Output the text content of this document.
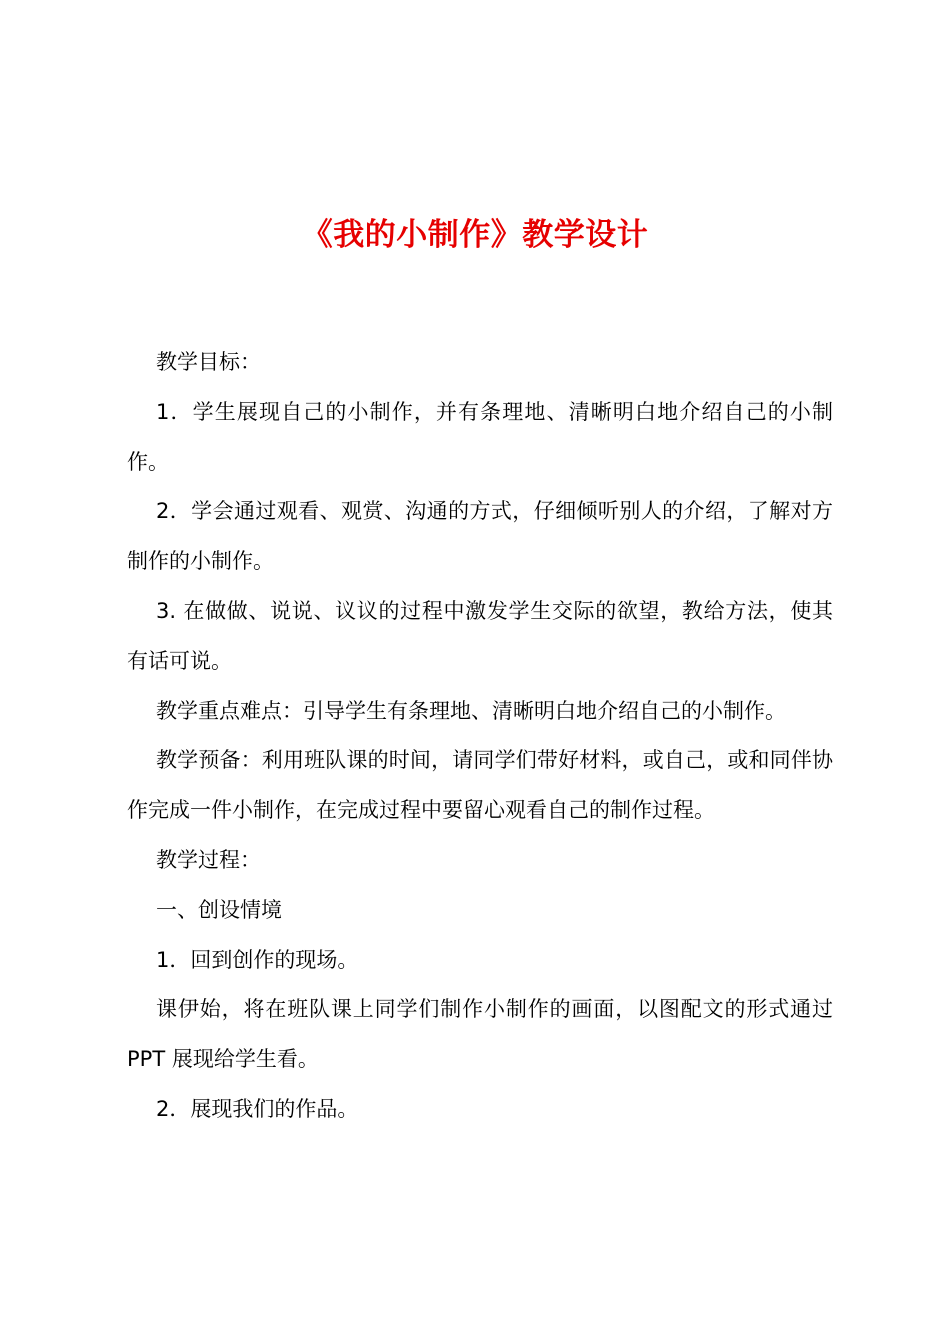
《我的小制作》教学设计

教学目标：

1．学生展现自己的小制作，并有条理地、清晰明白地介绍自己的小制作。

2．学会通过观看、观赏、沟通的方式，仔细倾听别人的介绍，了解对方制作的小制作。

3. 在做做、说说、议议的过程中激发学生交际的欲望，教给方法，使其有话可说。

教学重点难点：引导学生有条理地、清晰明白地介绍自己的小制作。

教学预备：利用班队课的时间，请同学们带好材料，或自己，或和同伴协作完成一件小制作，在完成过程中要留心观看自己的制作过程。

教学过程：

一、创设情境

1．回到创作的现场。

课伊始，将在班队课上同学们制作小制作的画面，以图配文的形式通过 PPT 展现给学生看。

2．展现我们的作品。
